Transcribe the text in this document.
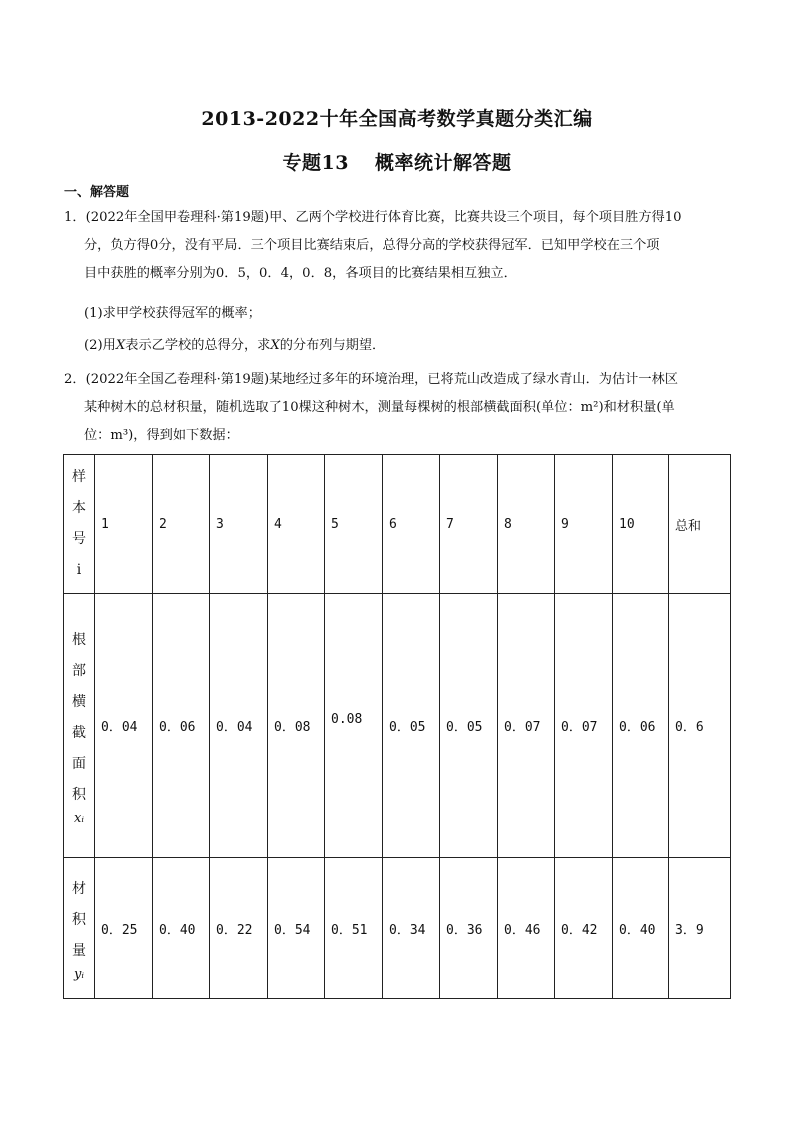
2013-2022十年全国高考数学真题分类汇编
专题13 概率统计解答题
一、解答题
1．(2022年全国甲卷理科·第19题)甲、乙两个学校进行体育比赛，比赛共设三个项目，每个项目胜方得10
分，负方得0分，没有平局．三个项目比赛结束后，总得分高的学校获得冠军．已知甲学校在三个项
目中获胜的概率分别为0．5，0．4，0．8，各项目的比赛结果相互独立．
(1)求甲学校获得冠军的概率；
(2)用X表示乙学校的总得分，求X的分布列与期望．
2．(2022年全国乙卷理科·第19题)某地经过多年的环境治理，已将荒山改造成了绿水青山．为估计一林区
某种树木的总材积量，随机选取了10棵这种树木，测量每棵树的根部横截面积(单位：m²)和材积量(单
位：m³)，得到如下数据：
样本号i	1	2	3	4	5	6	7	8	9	10	总和
根部横截面积
xᵢ	0．04	0．06	0．04	0．08	0.08	0．05	0．05	0．07	0．07	0．06	0．6
材积量
yᵢ	0．25	0．40	0．22	0．54	0．51	0．34	0．36	0．46	0．42	0．40	3．9
